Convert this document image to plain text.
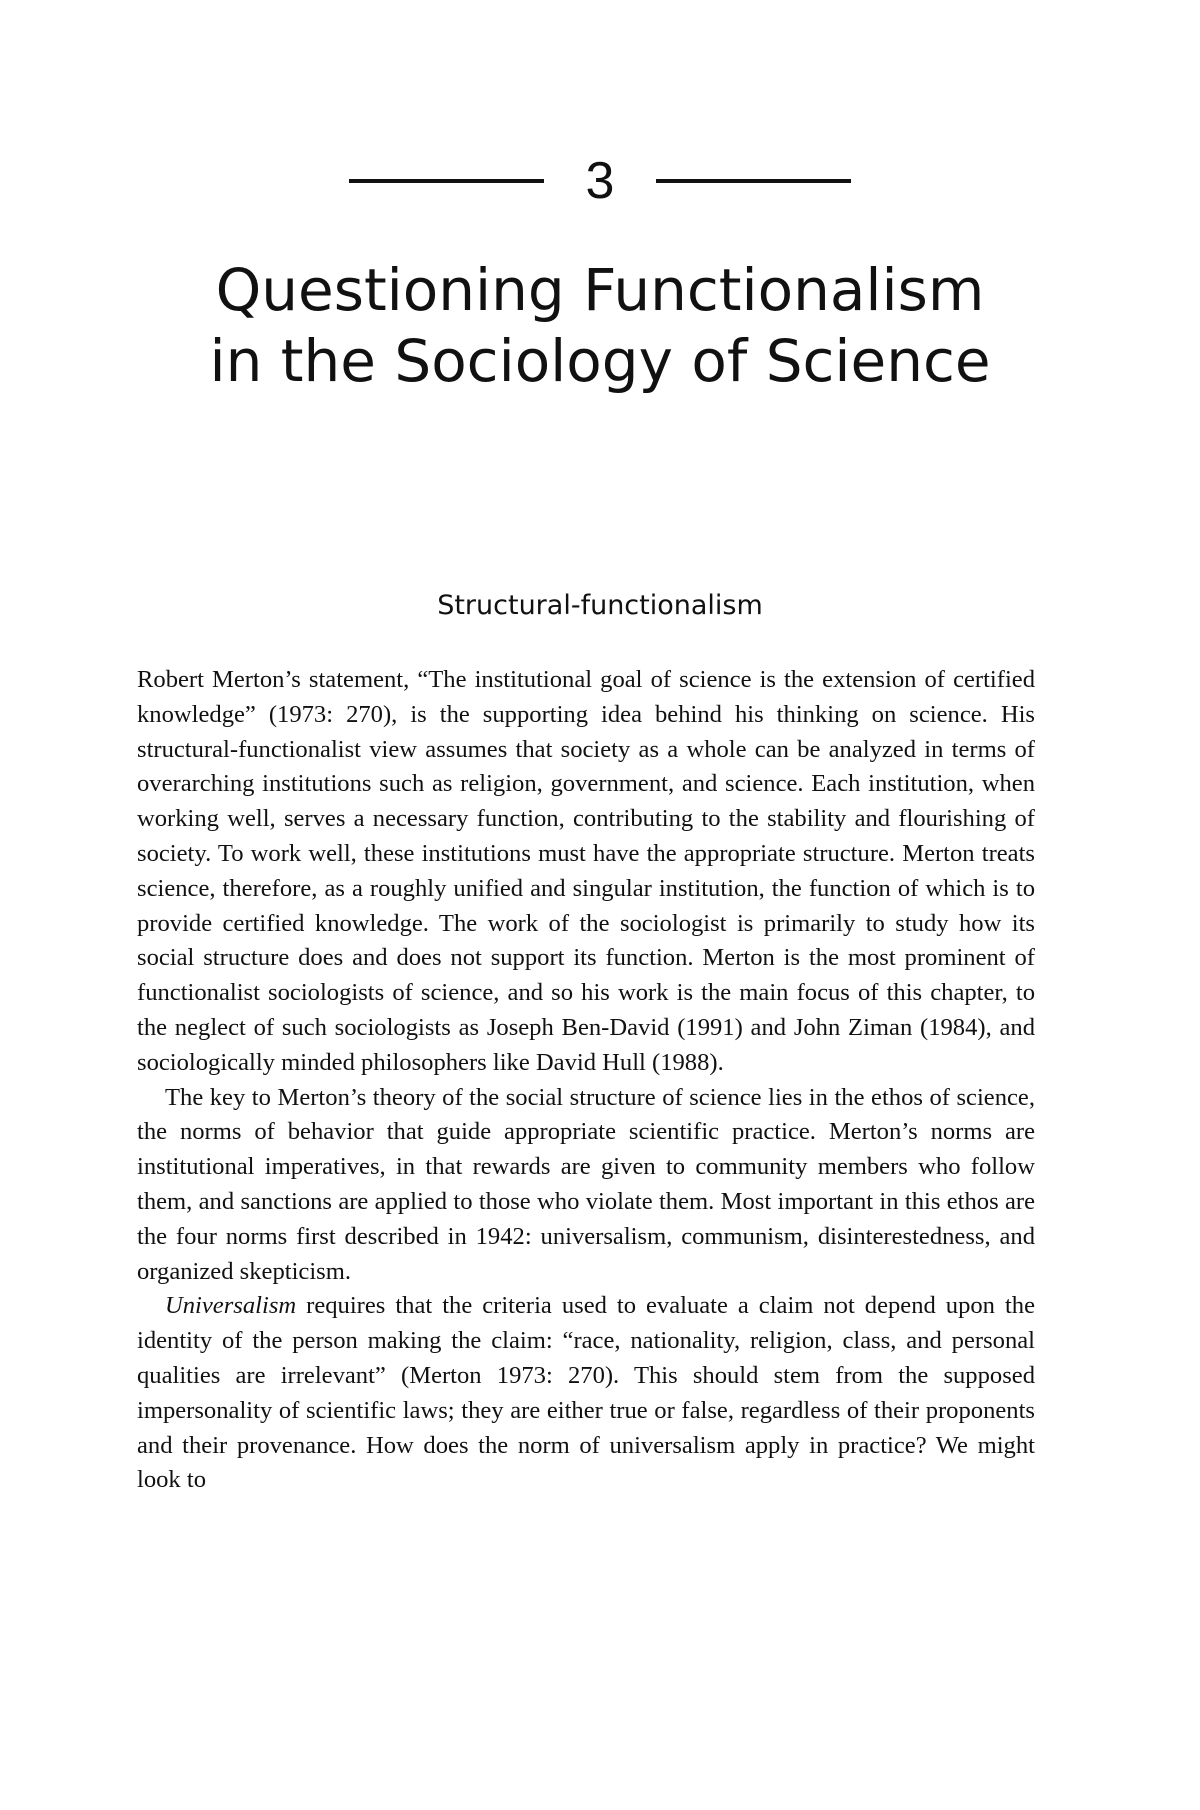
3
Questioning Functionalism
in the Sociology of Science
Structural-functionalism

Robert Merton’s statement, “The institutional goal of science is the extension of certified knowledge” (1973: 270), is the supporting idea behind his thinking on science. His structural-functionalist view assumes that society as a whole can be analyzed in terms of overarching institutions such as religion, government, and science. Each institution, when working well, serves a necessary function, contributing to the stability and flourishing of society. To work well, these institutions must have the appropriate structure. Merton treats science, therefore, as a roughly unified and singular institution, the function of which is to provide certified knowledge. The work of the sociologist is primarily to study how its social structure does and does not support its function. Merton is the most prominent of functionalist sociologists of science, and so his work is the main focus of this chapter, to the neglect of such sociologists as Joseph Ben-David (1991) and John Ziman (1984), and sociologically minded philosophers like David Hull (1988).

The key to Merton’s theory of the social structure of science lies in the ethos of science, the norms of behavior that guide appropriate scientific practice. Merton’s norms are institutional imperatives, in that rewards are given to community members who follow them, and sanctions are applied to those who violate them. Most important in this ethos are the four norms first described in 1942: universalism, communism, disinterestedness, and organized skepticism.

Universalism requires that the criteria used to evaluate a claim not depend upon the identity of the person making the claim: “race, nationality, religion, class, and personal qualities are irrelevant” (Merton 1973: 270). This should stem from the supposed impersonality of scientific laws; they are either true or false, regardless of their proponents and their provenance. How does the norm of universalism apply in practice? We might look to
